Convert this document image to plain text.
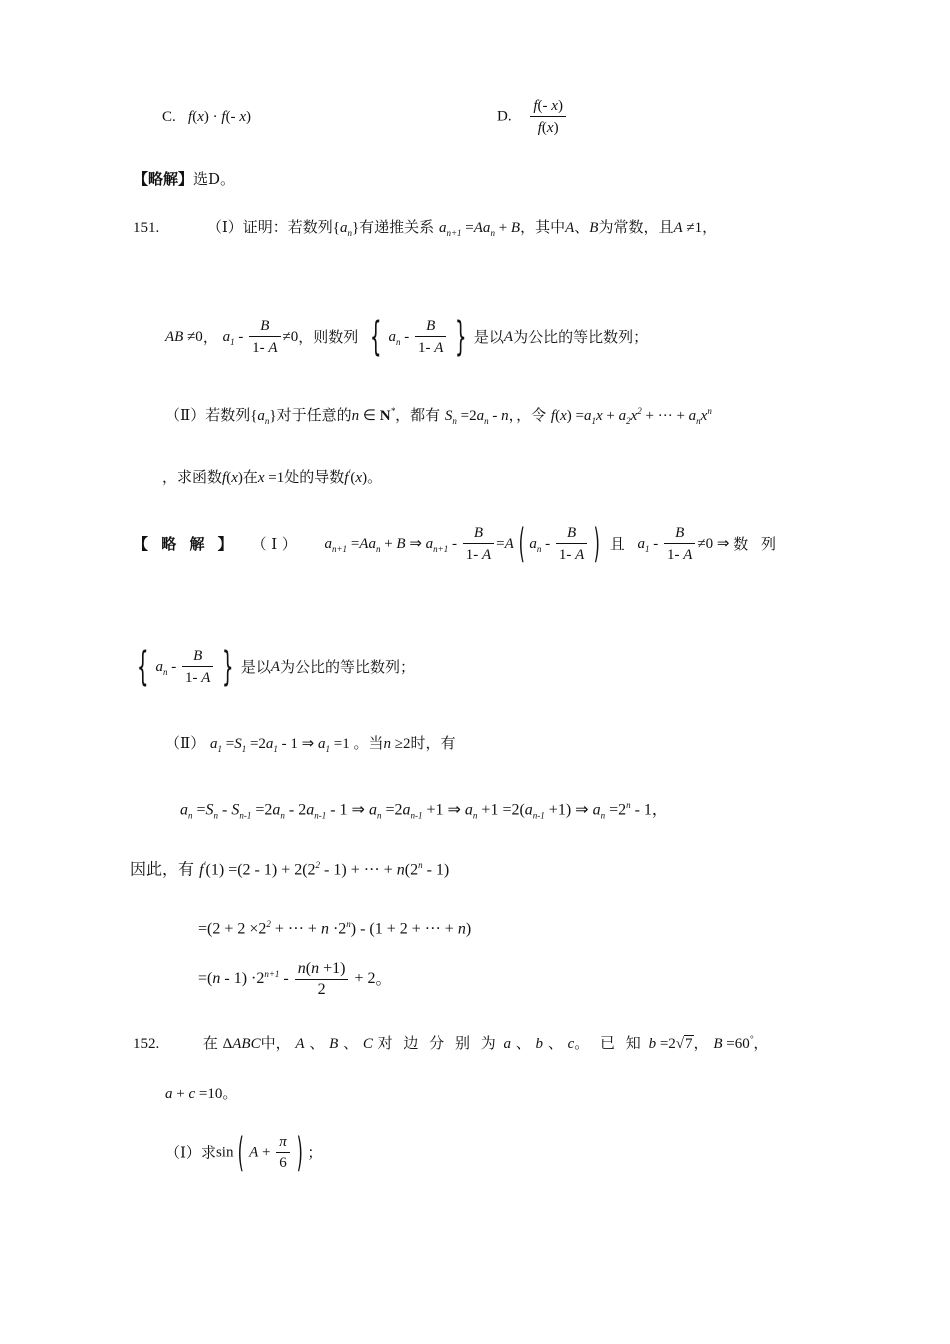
C.   f(x) · f(- x)	D. $\frac{f(- x)}{f(x)}$
【略解】选D。
151.	（Ⅰ）证明：若数列$\{a_n\}$有递推关系 $a_{n+1} =Aa_n + B$，其中A、B为常数，且A ≠1，
AB ≠0， $a_1 - \frac{B}{1- A} \ne 0$，则数列 { $a_n - \frac{B}{1- A}$ } 是以A为公比的等比数列；
（Ⅱ）若数列$\{a_n\}$对于任意的n ∈ N*，都有 $S_n =2a_n - n$，，令 $f(x) =a_1x + a_2x^2$ + ··· + $a_nx^n$
，求函数f(x)在x =1处的导数f′(x)。
【 略 解 】 （ Ⅰ ） $a_{n+1} =Aa_n + B$ ⇒ $a_{n+1} - \frac{B}{1- A} =A$ ( $a_n - \frac{B}{1- A}$ ) 且 $a_1 - \frac{B}{1- A} \ne 0$ ⇒ 数 列
{ $a_n - \frac{B}{1- A}$ } 是以A为公比的等比数列；
（Ⅱ） $a_1 =S_1 =2a_1 - 1$ ⇒ $a_1 =1$ 。当n ≥2时，有
$a_n =S_n - S_{n-1} =2a_n - 2a_{n-1} - 1$ ⇒ $a_n =2a_{n-1} +1$ ⇒ $a_n +1 =2(a_{n-1} +1)$ ⇒ $a_n =2^n - 1$，
因此，有 $f'(1) =(2 - 1) + 2(2^2 - 1)$ + ··· + $n(2^n - 1)$
$=(2 + 2 \times 2^2$ + ··· + $n \cdot 2^n) - (1 + 2$ + ··· + n)
$=(n - 1) \cdot 2^{n+1} - \frac{n(n +1)}{2} + 2$。
152.	在 ΔABC中， A 、 B 、 C 对 边 分 别 为 a 、 b 、 c。 已 知 b =2√7， B =60°，
a + c =10。
（Ⅰ）求sin ( $A + \frac{\pi}{6}$ ) ；
